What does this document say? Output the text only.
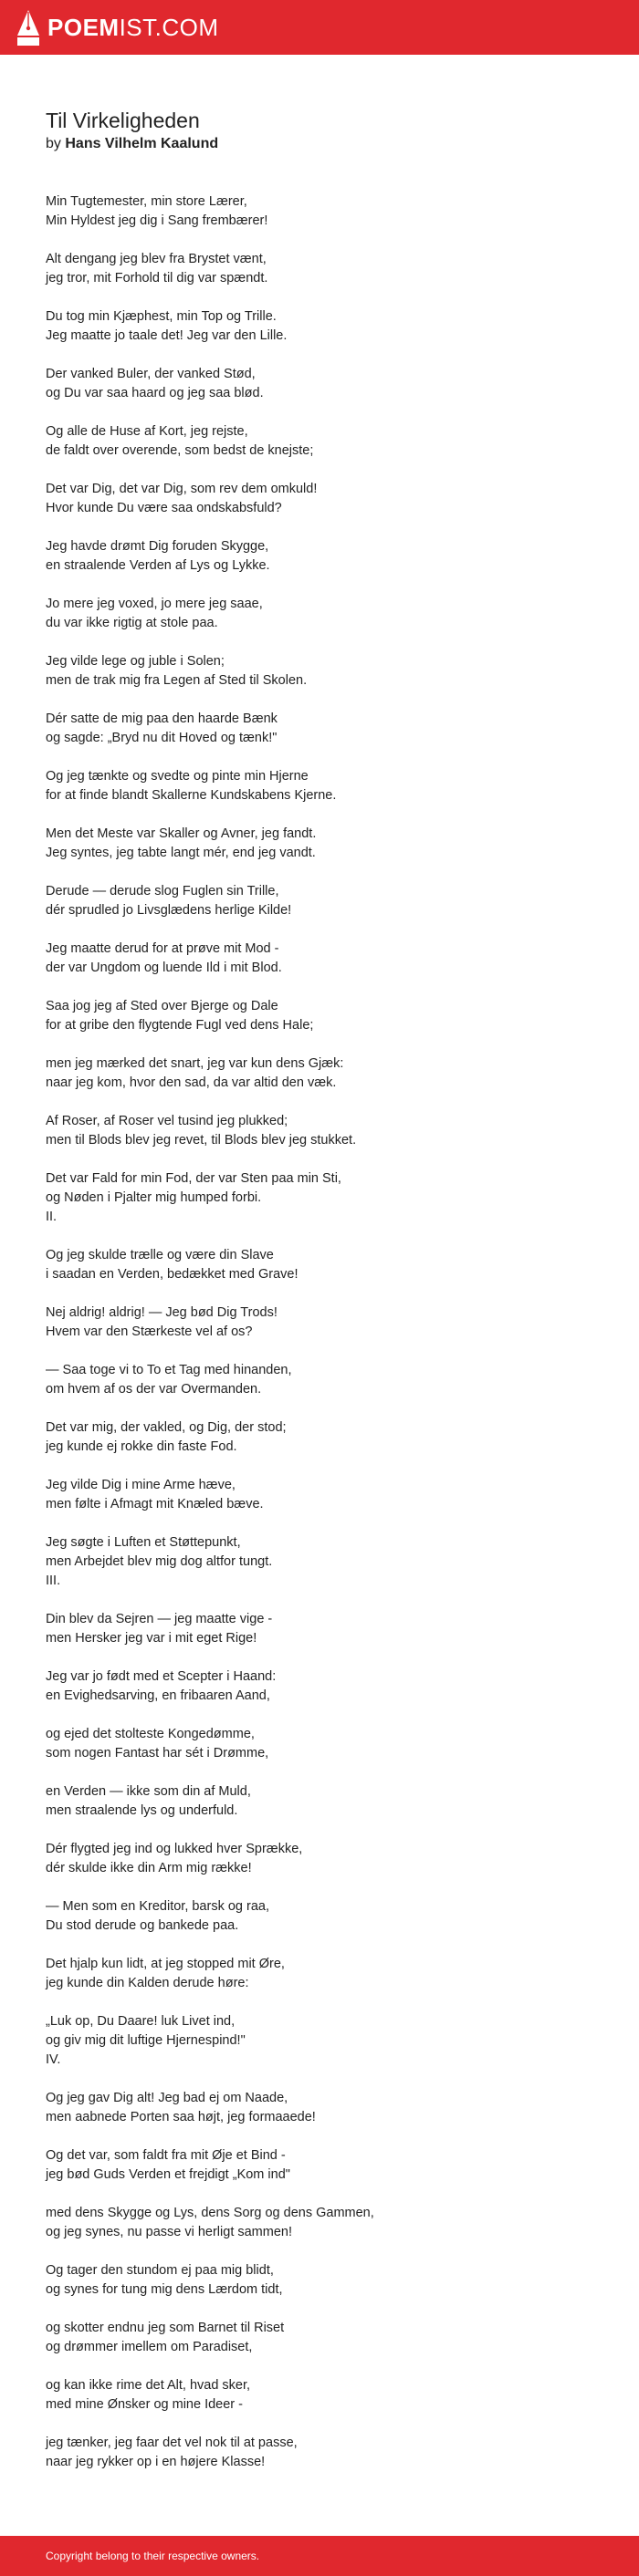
POEMIST.COM
Til Virkeligheden
by Hans Vilhelm Kaalund

Min Tugtemester, min store Lærer,
Min Hyldest jeg dig i Sang frembærer!

Alt dengang jeg blev fra Brystet vænt,
jeg tror, mit Forhold til dig var spændt.

Du tog min Kjæphest, min Top og Trille.
Jeg maatte jo taale det! Jeg var den Lille.

Der vanked Buler, der vanked Stød,
og Du var saa haard og jeg saa blød.

Og alle de Huse af Kort, jeg rejste,
de faldt over overende, som bedst de knejste;

Det var Dig, det var Dig, som rev dem omkuld!
Hvor kunde Du være saa ondskabsfuld?

Jeg havde drømt Dig foruden Skygge,
en straalende Verden af Lys og Lykke.

Jo mere jeg voxed, jo mere jeg saae,
du var ikke rigtig at stole paa.

Jeg vilde lege og juble i Solen;
men de trak mig fra Legen af Sted til Skolen.

Dér satte de mig paa den haarde Bænk
og sagde: „Bryd nu dit Hoved og tænk!"

Og jeg tænkte og svedte og pinte min Hjerne
for at finde blandt Skallerne Kundskabens Kjerne.

Men det Meste var Skaller og Avner, jeg fandt.
Jeg syntes, jeg tabte langt mér, end jeg vandt.

Derude — derude slog Fuglen sin Trille,
dér sprudled jo Livsglædens herlige Kilde!

Jeg maatte derud for at prøve mit Mod -
der var Ungdom og luende Ild i mit Blod.

Saa jog jeg af Sted over Bjerge og Dale
for at gribe den flygtende Fugl ved dens Hale;

men jeg mærked det snart, jeg var kun dens Gjæk:
naar jeg kom, hvor den sad, da var altid den væk.

Af Roser, af Roser vel tusind jeg plukked;
men til Blods blev jeg revet, til Blods blev jeg stukket.

Det var Fald for min Fod, der var Sten paa min Sti,
og Nøden i Pjalter mig humped forbi.
II.

Og jeg skulde trælle og være din Slave
i saadan en Verden, bedækket med Grave!

Nej aldrig! aldrig! — Jeg bød Dig Trods!
Hvem var den Stærkeste vel af os?

— Saa toge vi to To et Tag med hinanden,
om hvem af os der var Overmanden.

Det var mig, der vakled, og Dig, der stod;
jeg kunde ej rokke din faste Fod.

Jeg vilde Dig i mine Arme hæve,
men følte i Afmagt mit Knæled bæve.

Jeg søgte i Luften et Støttepunkt,
men Arbejdet blev mig dog altfor tungt.
III.

Din blev da Sejren — jeg maatte vige -
men Hersker jeg var i mit eget Rige!

Jeg var jo født med et Scepter i Haand:
en Evighedsarving, en fribaaren Aand,

og ejed det stolteste Kongedømme,
som nogen Fantast har sét i Drømme,

en Verden — ikke som din af Muld,
men straalende lys og underfuld.

Dér flygted jeg ind og lukked hver Sprække,
dér skulde ikke din Arm mig række!

— Men som en Kreditor, barsk og raa,
Du stod derude og bankede paa.

Det hjalp kun lidt, at jeg stopped mit Øre,
jeg kunde din Kalden derude høre:

„Luk op, Du Daare! luk Livet ind,
og giv mig dit luftige Hjernespind!"
IV.

Og jeg gav Dig alt! Jeg bad ej om Naade,
men aabnede Porten saa højt, jeg formaaede!

Og det var, som faldt fra mit Øje et Bind -
jeg bød Guds Verden et frejdigt „Kom ind"

med dens Skygge og Lys, dens Sorg og dens Gammen,
og jeg synes, nu passe vi herligt sammen!

Og tager den stundom ej paa mig blidt,
og synes for tung mig dens Lærdom tidt,

og skotter endnu jeg som Barnet til Riset
og drømmer imellem om Paradiset,

og kan ikke rime det Alt, hvad sker,
med mine Ønsker og mine Ideer -

jeg tænker, jeg faar det vel nok til at passe,
naar jeg rykker op i en højere Klasse!

Copyright belong to their respective owners.
